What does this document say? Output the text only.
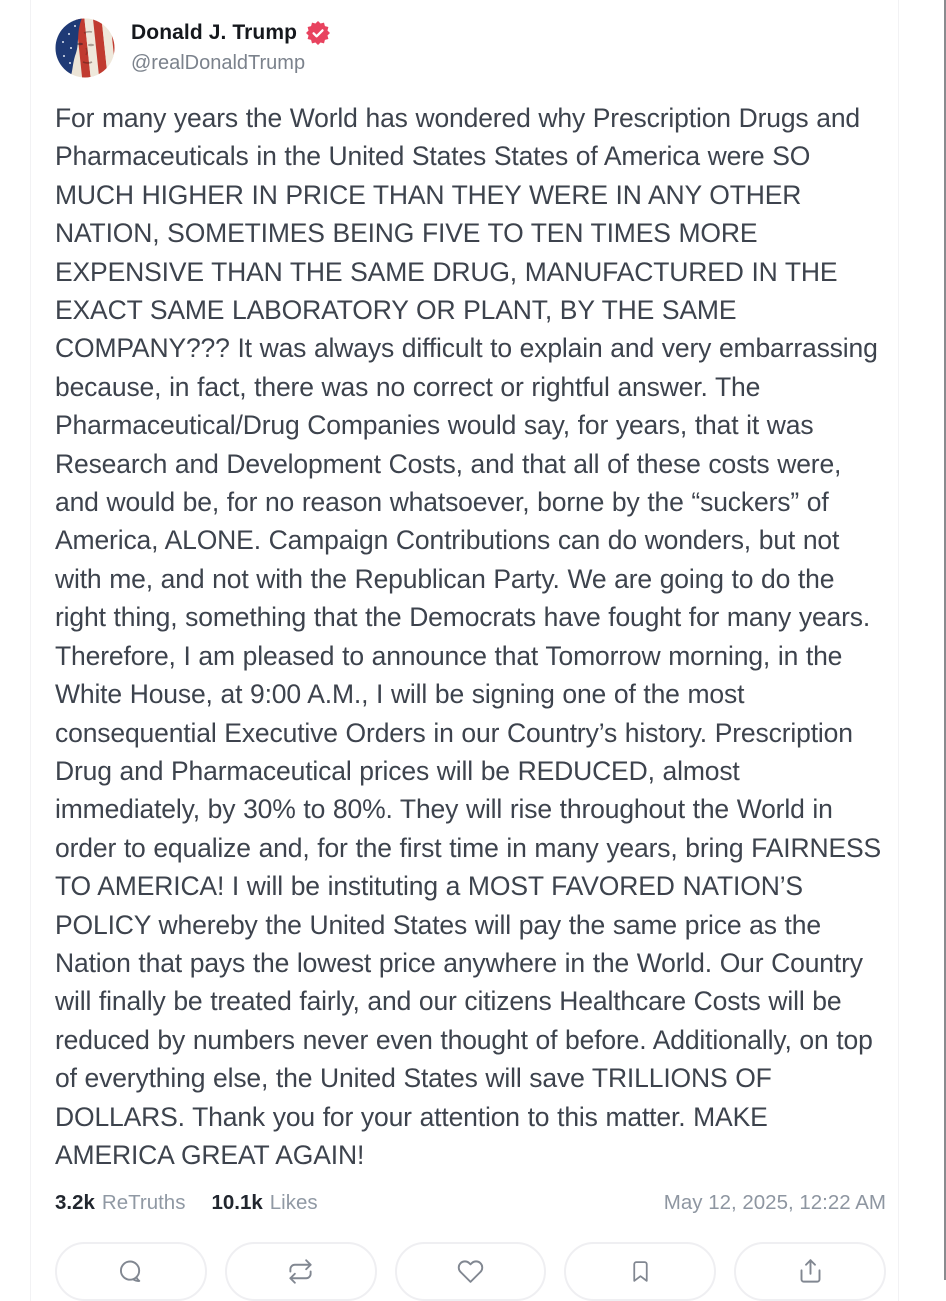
Donald J. Trump
@realDonaldTrump

For many years the World has wondered why Prescription Drugs and Pharmaceuticals in the United States States of America were SO MUCH HIGHER IN PRICE THAN THEY WERE IN ANY OTHER NATION, SOMETIMES BEING FIVE TO TEN TIMES MORE EXPENSIVE THAN THE SAME DRUG, MANUFACTURED IN THE EXACT SAME LABORATORY OR PLANT, BY THE SAME COMPANY??? It was always difficult to explain and very embarrassing because, in fact, there was no correct or rightful answer. The Pharmaceutical/Drug Companies would say, for years, that it was Research and Development Costs, and that all of these costs were, and would be, for no reason whatsoever, borne by the “suckers” of America, ALONE. Campaign Contributions can do wonders, but not with me, and not with the Republican Party. We are going to do the right thing, something that the Democrats have fought for many years. Therefore, I am pleased to announce that Tomorrow morning, in the White House, at 9:00 A.M., I will be signing one of the most consequential Executive Orders in our Country’s history. Prescription Drug and Pharmaceutical prices will be REDUCED, almost immediately, by 30% to 80%. They will rise throughout the World in order to equalize and, for the first time in many years, bring FAIRNESS TO AMERICA! I will be instituting a MOST FAVORED NATION’S POLICY whereby the United States will pay the same price as the Nation that pays the lowest price anywhere in the World. Our Country will finally be treated fairly, and our citizens Healthcare Costs will be reduced by numbers never even thought of before. Additionally, on top of everything else, the United States will save TRILLIONS OF DOLLARS. Thank you for your attention to this matter. MAKE AMERICA GREAT AGAIN!

3.2k ReTruths 10.1k Likes	May 12, 2025, 12:22 AM
